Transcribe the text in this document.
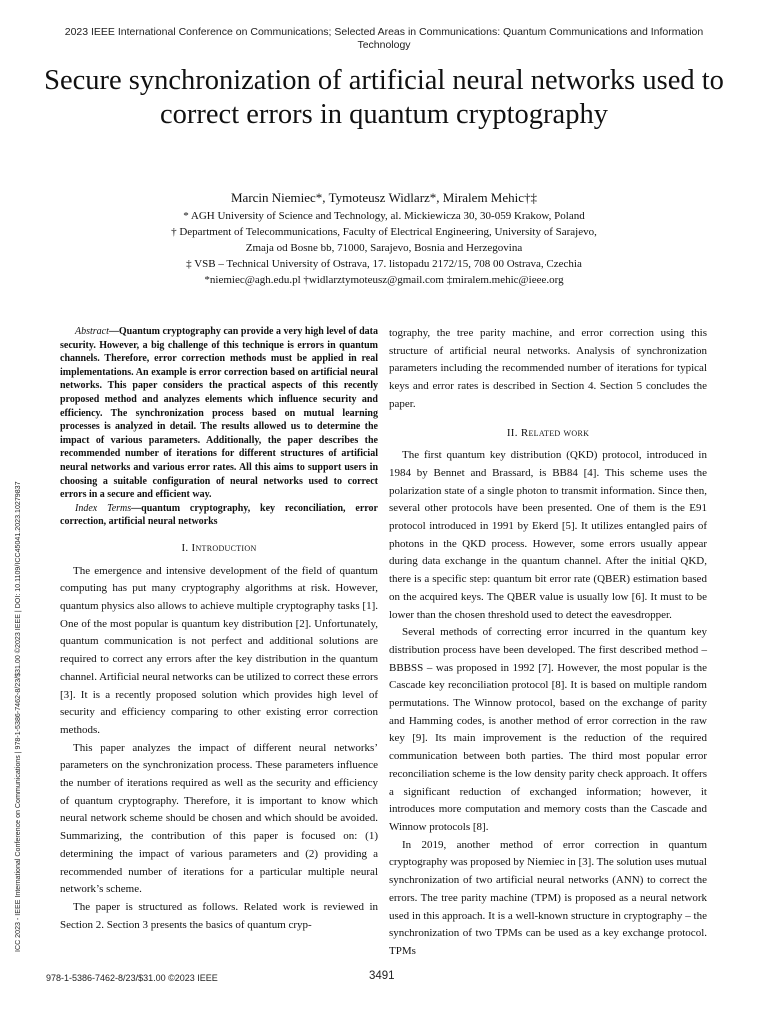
2023 IEEE International Conference on Communications; Selected Areas in Communications: Quantum Communications and Information Technology
Secure synchronization of artificial neural networks used to correct errors in quantum cryptography
Marcin Niemiec*, Tymoteusz Widlarz*, Miralem Mehic†‡
* AGH University of Science and Technology, al. Mickiewicza 30, 30-059 Krakow, Poland
† Department of Telecommunications, Faculty of Electrical Engineering, University of Sarajevo,
Zmaja od Bosne bb, 71000, Sarajevo, Bosnia and Herzegovina
‡ VSB – Technical University of Ostrava, 17. listopadu 2172/15, 708 00 Ostrava, Czechia
*niemiec@agh.edu.pl †widlarztymoteusz@gmail.com ‡miralem.mehic@ieee.org
ICC 2023 - IEEE International Conference on Communications | 978-1-5386-7462-8/23/$31.00 ©2023 IEEE | DOI: 10.1109/ICC45041.2023.10279837

Abstract—Quantum cryptography can provide a very high level of data security. However, a big challenge of this technique is errors in quantum channels. Therefore, error correction methods must be applied in real implementations. An example is error correction based on artificial neural networks. This paper considers the practical aspects of this recently proposed method and analyzes elements which influence security and efficiency. The synchronization process based on mutual learning processes is analyzed in detail. The results allowed us to determine the impact of various parameters. Additionally, the paper describes the recommended number of iterations for different structures of artificial neural networks and various error rates. All this aims to support users in choosing a suitable configuration of neural networks used to correct errors in a secure and efficient way.

Index Terms—quantum cryptography, key reconciliation, error correction, artificial neural networks

I. Introduction

The emergence and intensive development of the field of quantum computing has put many cryptography algorithms at risk. However, quantum physics also allows to achieve multiple cryptography tasks [1]. One of the most popular is quantum key distribution [2]. Unfortunately, quantum communication is not perfect and additional solutions are required to correct any errors after the key distribution in the quantum channel. Artificial neural networks can be utilized to correct these errors [3]. It is a recently proposed solution which provides high level of security and efficiency comparing to other existing error correction methods.

This paper analyzes the impact of different neural networks’ parameters on the synchronization process. These parameters influence the number of iterations required as well as the security and efficiency of quantum cryptography. Therefore, it is important to know which neural network scheme should be chosen and which should be avoided. Summarizing, the contribution of this paper is focused on: (1) determining the impact of various parameters and (2) providing a recommended number of iterations for a particular multiple neural network’s scheme.

The paper is structured as follows. Related work is reviewed in Section 2. Section 3 presents the basics of quantum cryp-

tography, the tree parity machine, and error correction using this structure of artificial neural networks. Analysis of synchronization parameters including the recommended number of iterations for typical keys and error rates is described in Section 4. Section 5 concludes the paper.

II. Related work

The first quantum key distribution (QKD) protocol, introduced in 1984 by Bennet and Brassard, is BB84 [4]. This scheme uses the polarization state of a single photon to transmit information. Since then, several other protocols have been presented. One of them is the E91 protocol introduced in 1991 by Ekerd [5]. It utilizes entangled pairs of photons in the QKD process. However, some errors usually appear during data exchange in the quantum channel. After the initial QKD, there is a specific step: quantum bit error rate (QBER) estimation based on the acquired keys. The QBER value is usually low [6]. It must to be lower than the chosen threshold used to detect the eavesdropper.

Several methods of correcting error incurred in the quantum key distribution process have been developed. The first described method – BBBSS – was proposed in 1992 [7]. However, the most popular is the Cascade key reconciliation protocol [8]. It is based on multiple random permutations. The Winnow protocol, based on the exchange of parity and Hamming codes, is another method of error correction in the raw key [9]. Its main improvement is the reduction of the required communication between both parties. The third most popular error reconciliation scheme is the low density parity check approach. It offers a significant reduction of exchanged information; however, it introduces more computation and memory costs than the Cascade and Winnow protocols [8].

In 2019, another method of error correction in quantum cryptography was proposed by Niemiec in [3]. The solution uses mutual synchronization of two artificial neural networks (ANN) to correct the errors. The tree parity machine (TPM) is proposed as a neural network used in this approach. It is a well-known structure in cryptography – the synchronization of two TPMs can be used as a key exchange protocol. TPMs

978-1-5386-7462-8/23/$31.00 ©2023 IEEE	3491
